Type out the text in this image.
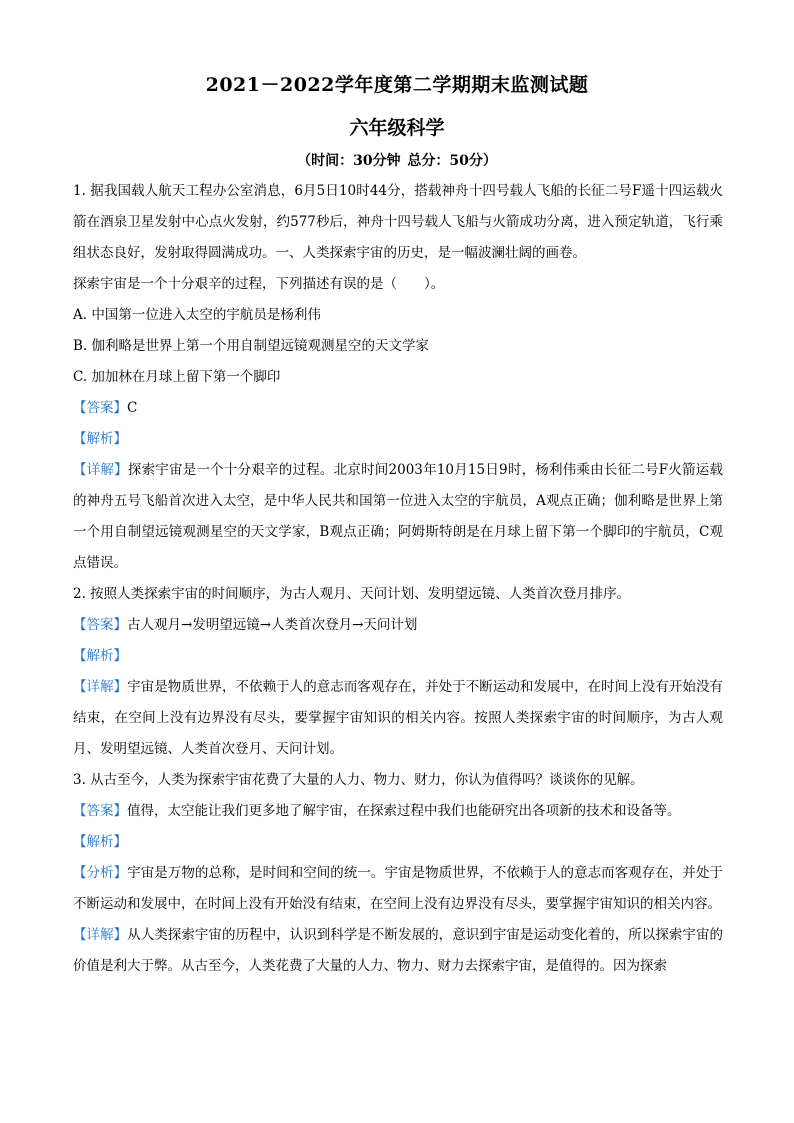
2021－2022学年度第二学期期末监测试题
六年级科学
（时间：30分钟 总分：50分）

1. 据我国载人航天工程办公室消息，6月5日10时44分，搭载神舟十四号载人飞船的长征二号F遥十四运载火箭在酒泉卫星发射中心点火发射，约577秒后，神舟十四号载人飞船与火箭成功分离，进入预定轨道，飞行乘组状态良好，发射取得圆满成功。一、人类探索宇宙的历史，是一幅波澜壮阔的画卷。

探索宇宙是一个十分艰辛的过程，下列描述有误的是（　　）。

A. 中国第一位进入太空的宇航员是杨利伟

B. 伽利略是世界上第一个用自制望远镜观测星空的天文学家

C. 加加林在月球上留下第一个脚印

【答案】C

【解析】

【详解】探索宇宙是一个十分艰辛的过程。北京时间2003年10月15日9时，杨利伟乘由长征二号F火箭运载的神舟五号飞船首次进入太空，是中华人民共和国第一位进入太空的宇航员，A观点正确；伽利略是世界上第一个用自制望远镜观测星空的天文学家，B观点正确；阿姆斯特朗是在月球上留下第一个脚印的宇航员，C观点错误。

2. 按照人类探索宇宙的时间顺序，为古人观月、天问计划、发明望远镜、人类首次登月排序。

【答案】古人观月→发明望远镜→人类首次登月→天问计划

【解析】

【详解】宇宙是物质世界，不依赖于人的意志而客观存在，并处于不断运动和发展中，在时间上没有开始没有结束，在空间上没有边界没有尽头，要掌握宇宙知识的相关内容。按照人类探索宇宙的时间顺序，为古人观月、发明望远镜、人类首次登月、天问计划。

3. 从古至今，人类为探索宇宙花费了大量的人力、物力、财力，你认为值得吗？谈谈你的见解。

【答案】值得，太空能让我们更多地了解宇宙，在探索过程中我们也能研究出各项新的技术和设备等。

【解析】

【分析】宇宙是万物的总称，是时间和空间的统一。宇宙是物质世界，不依赖于人的意志而客观存在，并处于不断运动和发展中，在时间上没有开始没有结束，在空间上没有边界没有尽头，要掌握宇宙知识的相关内容。

【详解】从人类探索宇宙的历程中，认识到科学是不断发展的，意识到宇宙是运动变化着的，所以探索宇宙的价值是利大于弊。从古至今，人类花费了大量的人力、物力、财力去探索宇宙，是值得的。因为探索
